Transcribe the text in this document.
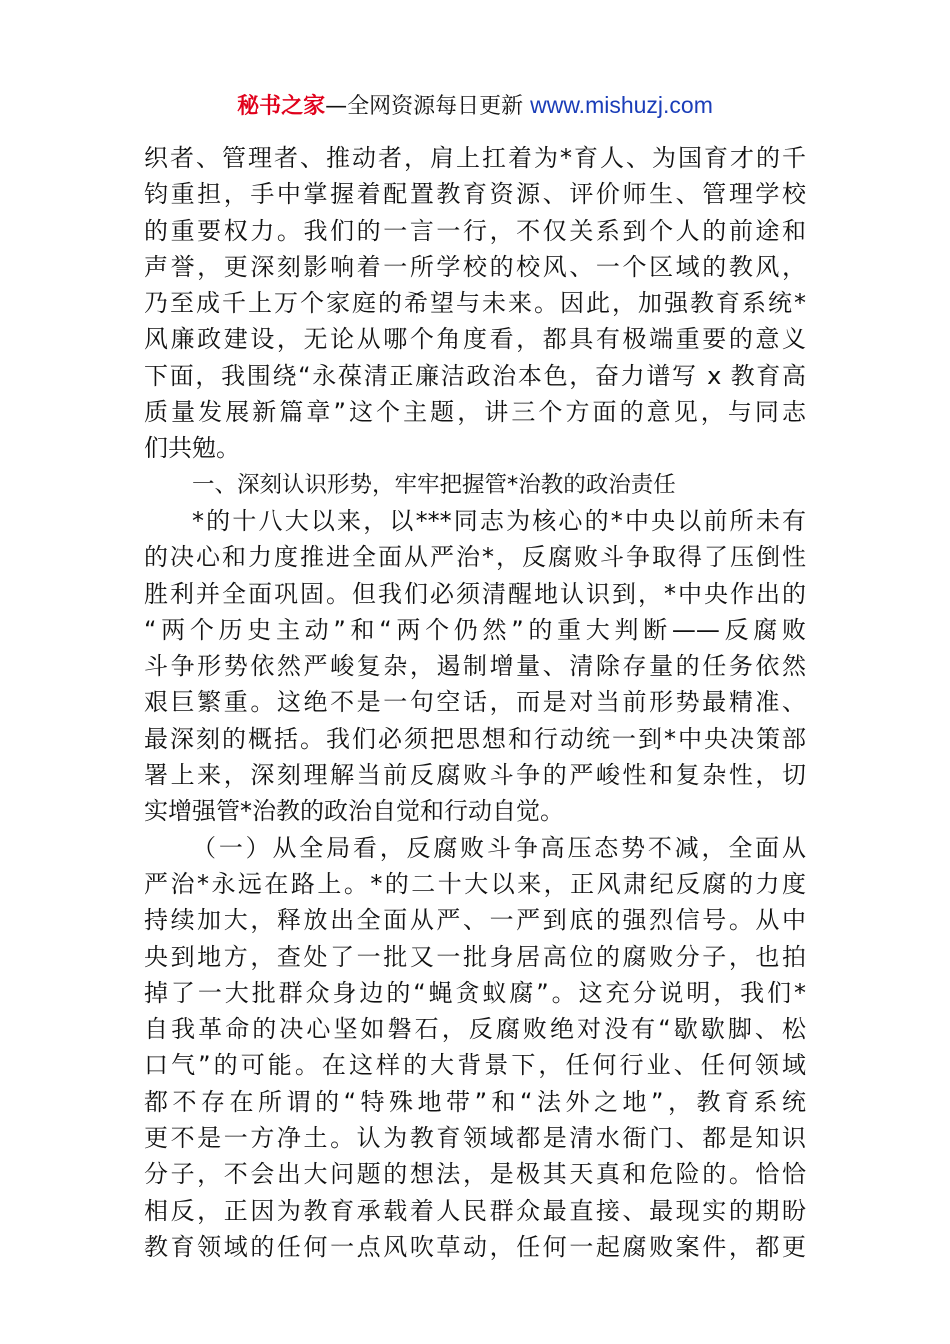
秘书之家—全网资源每日更新 www.mishuzj.com
织者、管理者、推动者，肩上扛着为*育人、为国育才的千
钧重担，手中掌握着配置教育资源、评价师生、管理学校
的重要权力。我们的一言一行，不仅关系到个人的前途和
声誉，更深刻影响着一所学校的校风、一个区域的教风，
乃至成千上万个家庭的希望与未来。因此，加强教育系统*
风廉政建设，无论从哪个角度看，都具有极端重要的意义
下面，我围绕“永葆清正廉洁政治本色，奋力谱写 x 教育高
质量发展新篇章”这个主题，讲三个方面的意见，与同志
们共勉。
一、深刻认识形势，牢牢把握管*治教的政治责任
*的十八大以来，以***同志为核心的*中央以前所未有
的决心和力度推进全面从严治*，反腐败斗争取得了压倒性
胜利并全面巩固。但我们必须清醒地认识到，*中央作出的
“两个历史主动”和“两个仍然”的重大判断——反腐败
斗争形势依然严峻复杂，遏制增量、清除存量的任务依然
艰巨繁重。这绝不是一句空话，而是对当前形势最精准、
最深刻的概括。我们必须把思想和行动统一到*中央决策部
署上来，深刻理解当前反腐败斗争的严峻性和复杂性，切
实增强管*治教的政治自觉和行动自觉。
（一）从全局看，反腐败斗争高压态势不减，全面从
严治*永远在路上。*的二十大以来，正风肃纪反腐的力度
持续加大，释放出全面从严、一严到底的强烈信号。从中
央到地方，查处了一批又一批身居高位的腐败分子，也拍
掉了一大批群众身边的“蝇贪蚁腐”。这充分说明，我们*
自我革命的决心坚如磐石，反腐败绝对没有“歇歇脚、松
口气”的可能。在这样的大背景下，任何行业、任何领域
都不存在所谓的“特殊地带”和“法外之地”，教育系统
更不是一方净土。认为教育领域都是清水衙门、都是知识
分子，不会出大问题的想法，是极其天真和危险的。恰恰
相反，正因为教育承载着人民群众最直接、最现实的期盼
教育领域的任何一点风吹草动，任何一起腐败案件，都更
